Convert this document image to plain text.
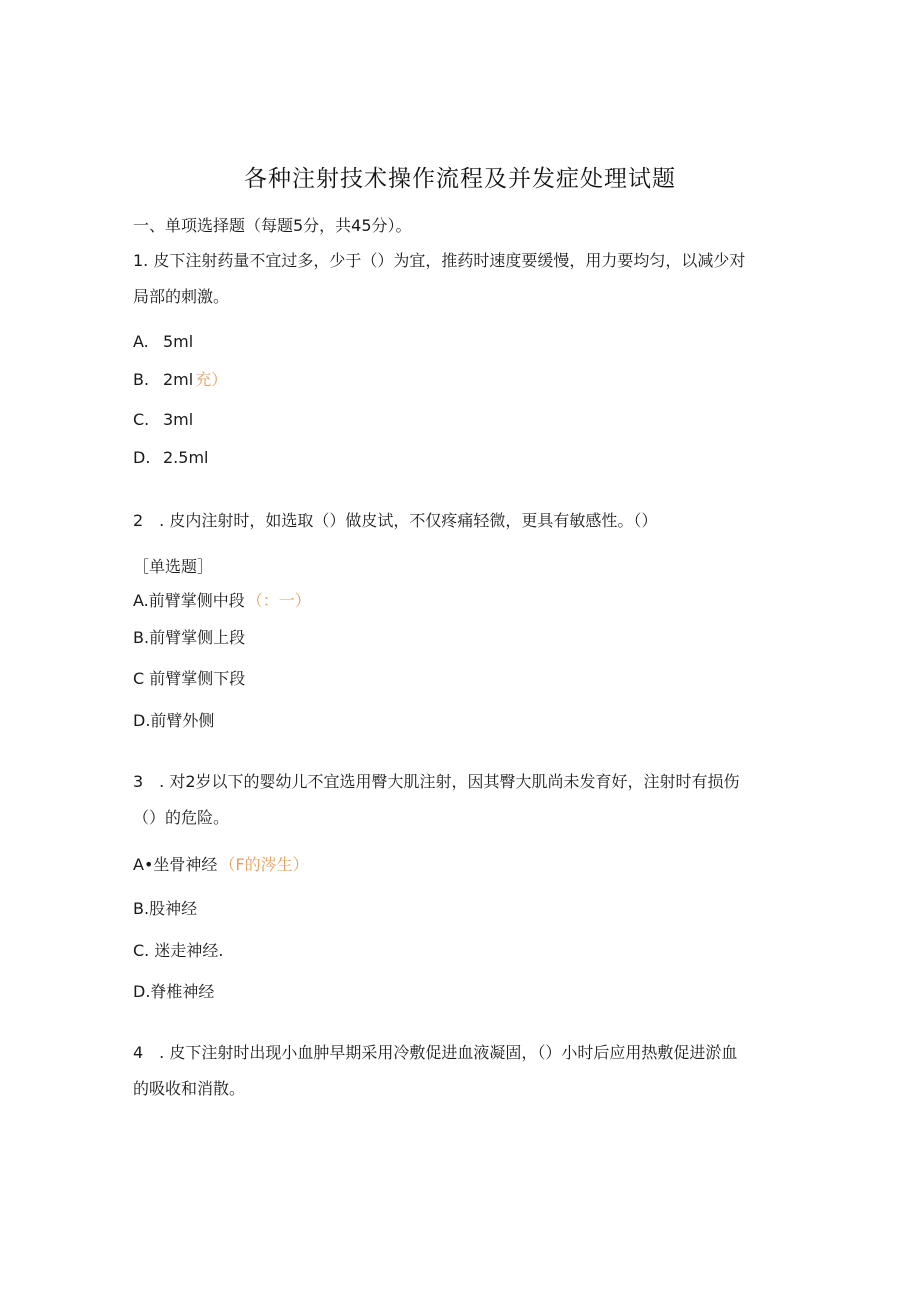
各种注射技术操作流程及并发症处理试题
一、单项选择题（每题5分，共45分）。
1. 皮下注射药量不宜过多，少于（）为宜，推药时速度要缓慢，用力要均匀，以减少对
局部的刺激。
A. 5ml
B. 2ml 充）
C. 3ml
D. 2.5ml
2　. 皮内注射时，如选取（）做皮试，不仅疼痛轻微，更具有敏感性。（）
［单选题］
A.前臂掌侧中段 （：一）
B.前臂掌侧上段
C 前臂掌侧下段
D.前臂外侧
3　. 对2岁以下的婴幼儿不宜选用臀大肌注射，因其臀大肌尚未发育好，注射时有损伤
（）的危险。
A•坐骨神经 （F的涔生）
B.股神经
C. 迷走神经.
D.脊椎神经
4　. 皮下注射时出现小血肿早期采用冷敷促进血液凝固，（）小时后应用热敷促进淤血
的吸收和消散。
